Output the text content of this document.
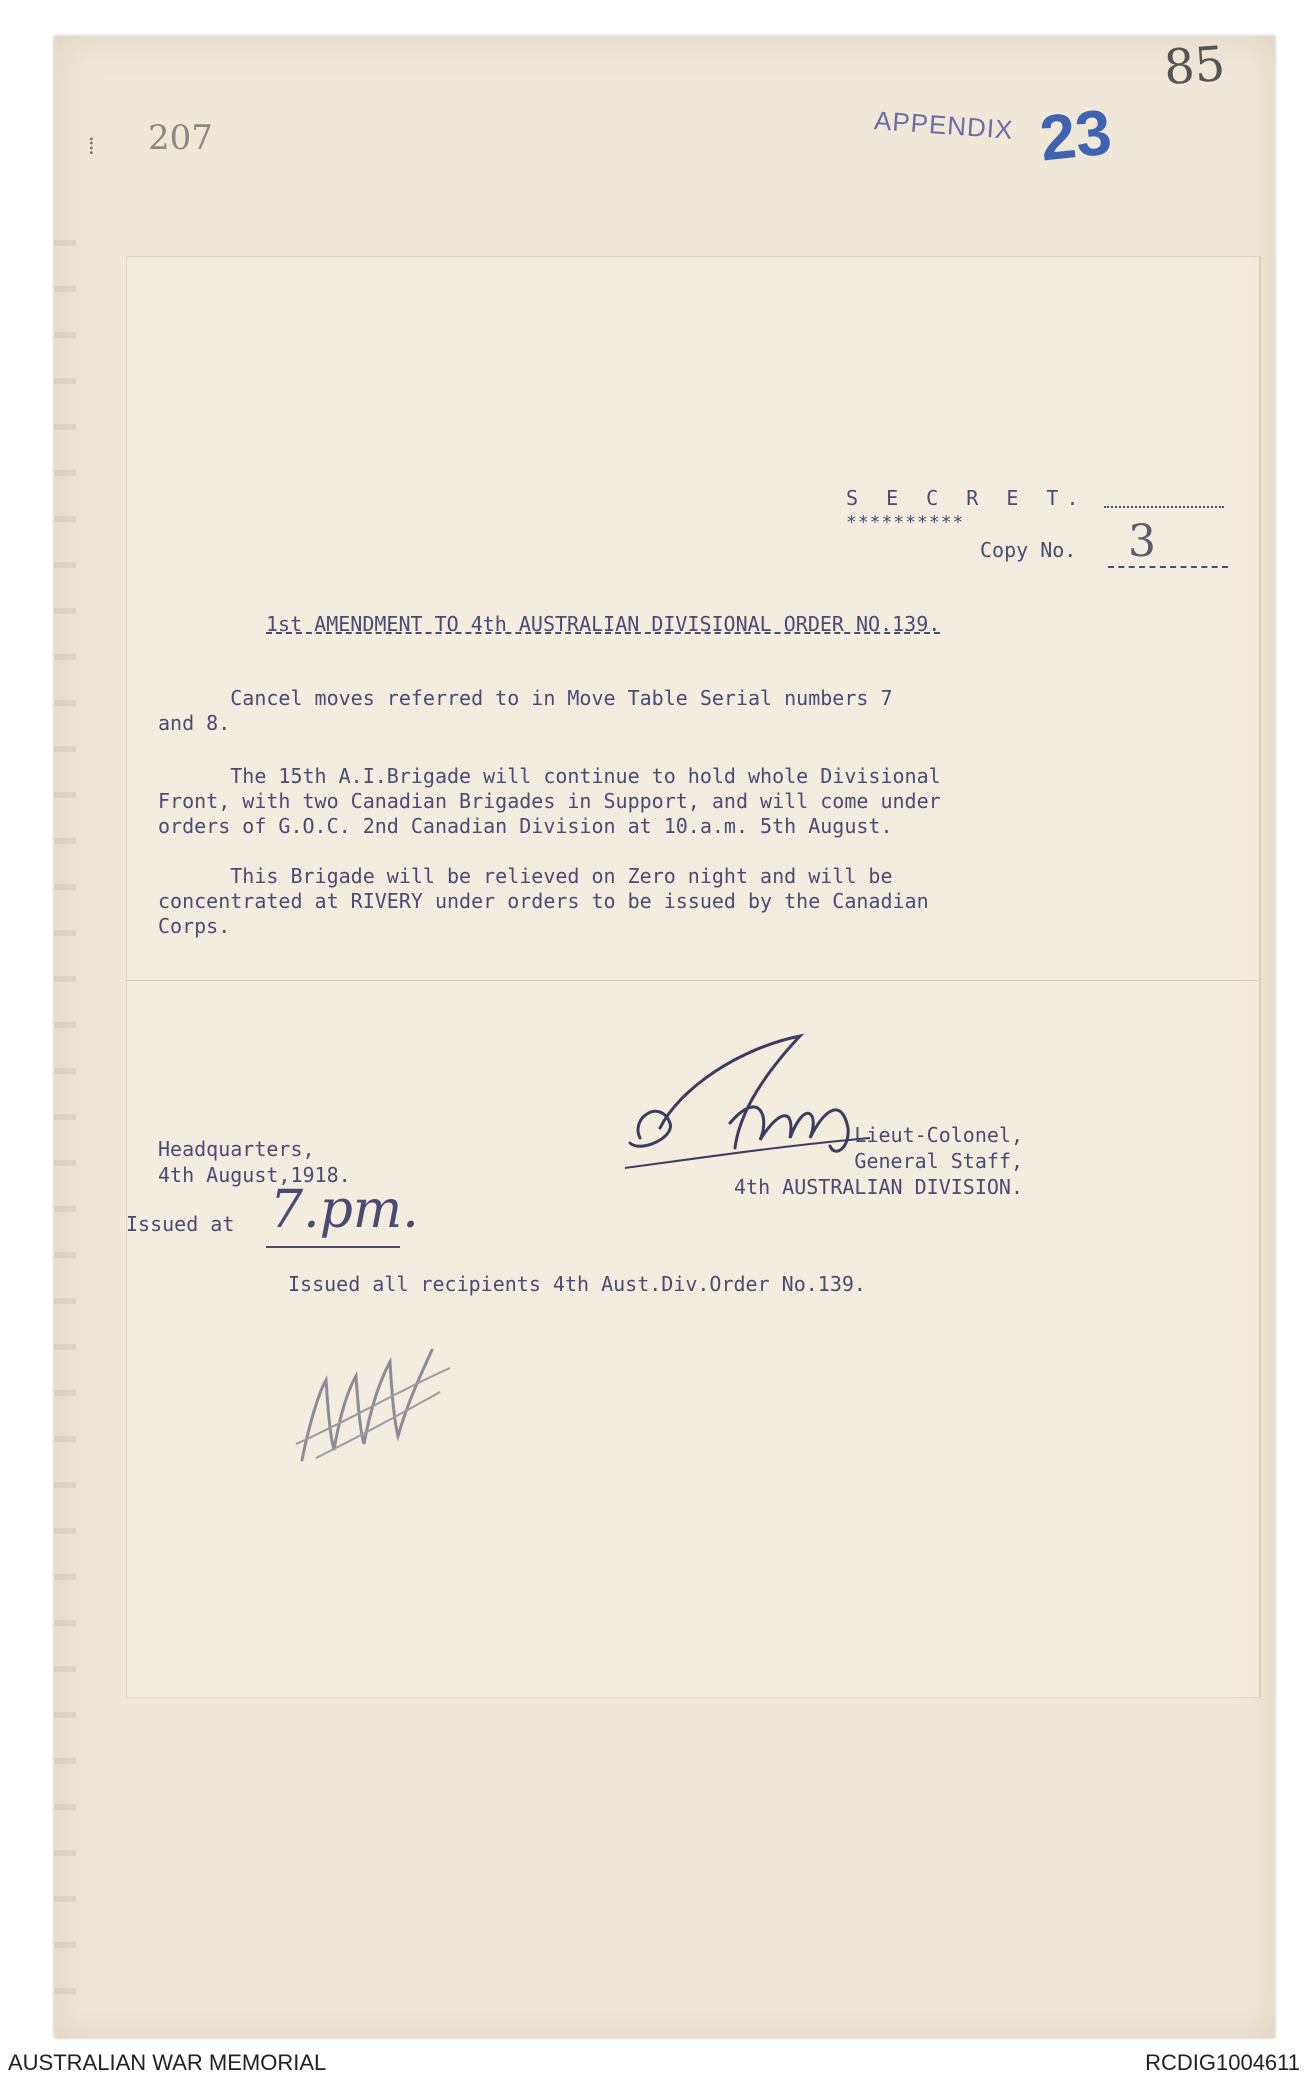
⁞ 207	APPENDIX 23
85
S E C R E T.
**********
Copy No. 3
1st AMENDMENT TO 4th AUSTRALIAN DIVISIONAL ORDER NO.139.
Cancel moves referred to in Move Table Serial numbers 7
and 8.
The 15th A.I.Brigade will continue to hold whole Divisional
Front, with two Canadian Brigades in Support, and will come under
orders of G.O.C. 2nd Canadian Division at 10.a.m. 5th August.
This Brigade will be relieved on Zero night and will be
concentrated at RIVERY under orders to be issued by the Canadian
Corps.
Headquarters,
4th August,1918.
Lieut-Colonel,
General Staff,
4th AUSTRALIAN DIVISION.
Issued at 7.pm.
Issued all recipients 4th Aust.Div.Order No.139.
AUSTRALIAN WAR MEMORIAL	RCDIG1004611
